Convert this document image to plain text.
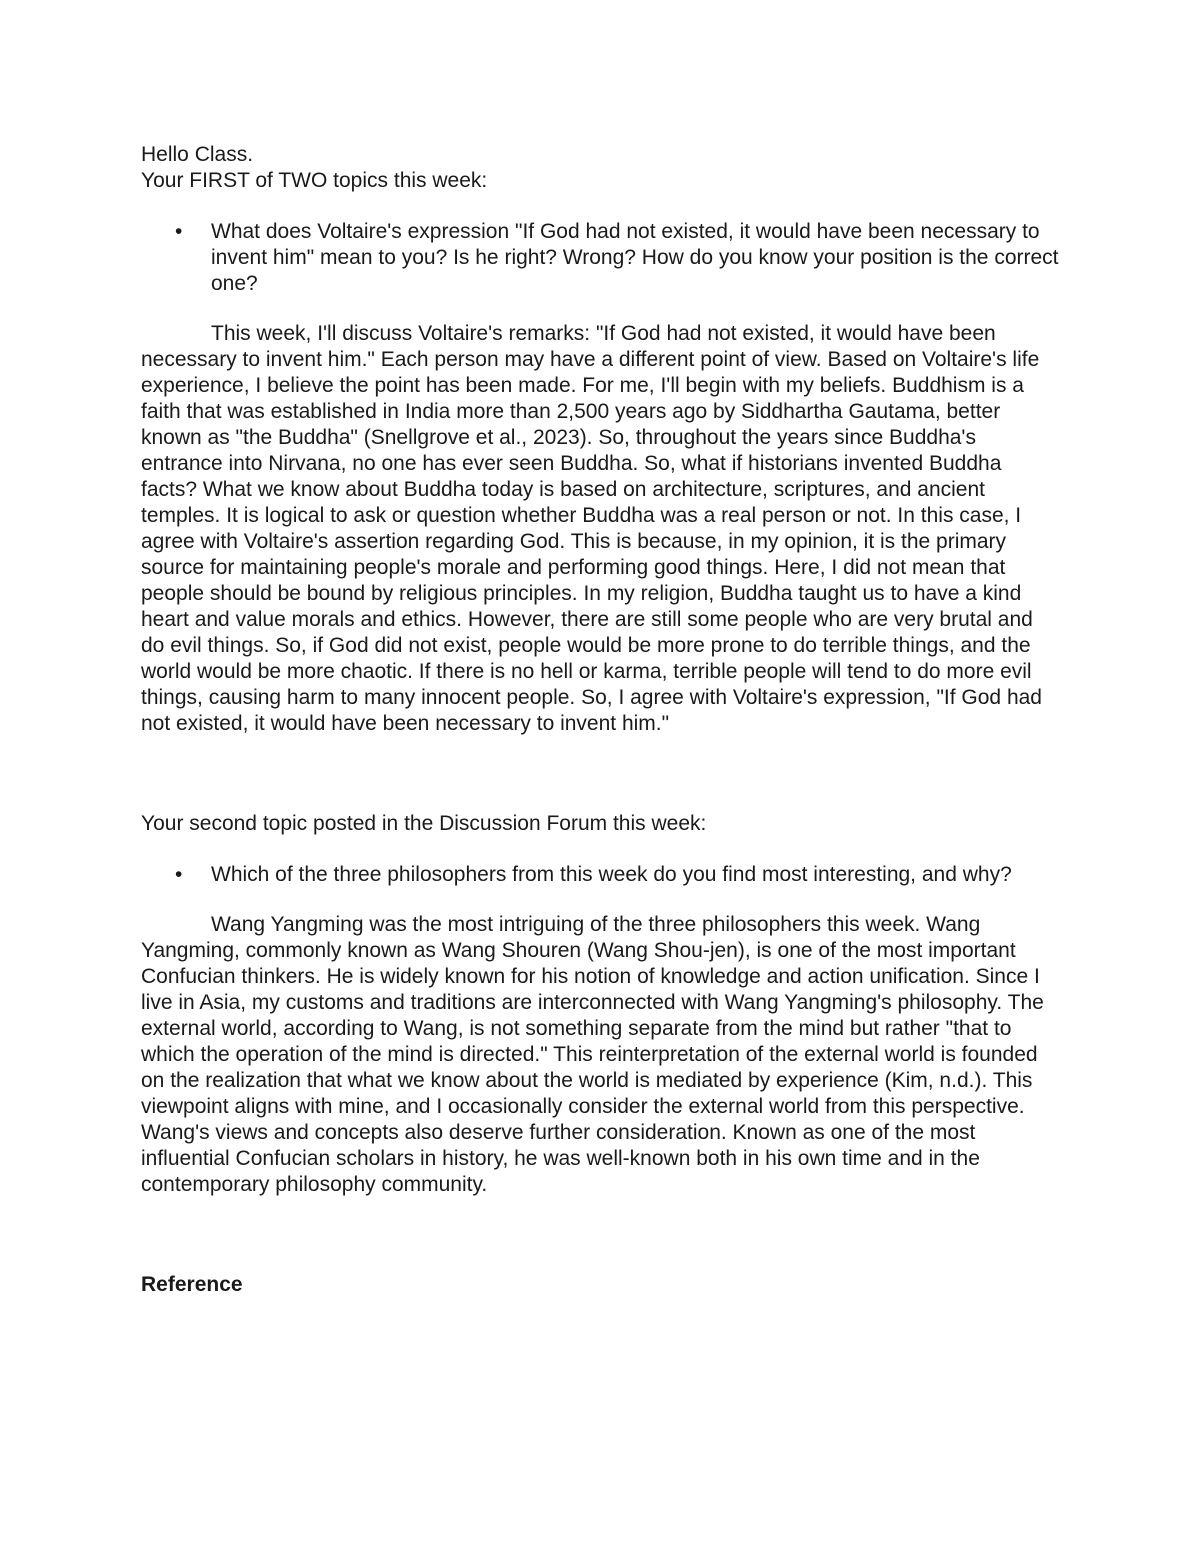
Hello Class.

Your FIRST of TWO topics this week:

• What does Voltaire's expression "If God had not existed, it would have been necessary to invent him" mean to you? Is he right? Wrong? How do you know your position is the correct one?

This week, I'll discuss Voltaire's remarks: "If God had not existed, it would have been necessary to invent him." Each person may have a different point of view. Based on Voltaire's life experience, I believe the point has been made. For me, I'll begin with my beliefs. Buddhism is a faith that was established in India more than 2,500 years ago by Siddhartha Gautama, better known as "the Buddha" (Snellgrove et al., 2023). So, throughout the years since Buddha's entrance into Nirvana, no one has ever seen Buddha. So, what if historians invented Buddha facts? What we know about Buddha today is based on architecture, scriptures, and ancient temples. It is logical to ask or question whether Buddha was a real person or not. In this case, I agree with Voltaire's assertion regarding God. This is because, in my opinion, it is the primary source for maintaining people's morale and performing good things. Here, I did not mean that people should be bound by religious principles. In my religion, Buddha taught us to have a kind heart and value morals and ethics. However, there are still some people who are very brutal and do evil things. So, if God did not exist, people would be more prone to do terrible things, and the world would be more chaotic. If there is no hell or karma, terrible people will tend to do more evil things, causing harm to many innocent people. So, I agree with Voltaire's expression, "If God had not existed, it would have been necessary to invent him."

Your second topic posted in the Discussion Forum this week:

• Which of the three philosophers from this week do you find most interesting, and why?

Wang Yangming was the most intriguing of the three philosophers this week. Wang Yangming, commonly known as Wang Shouren (Wang Shou-jen), is one of the most important Confucian thinkers. He is widely known for his notion of knowledge and action unification. Since I live in Asia, my customs and traditions are interconnected with Wang Yangming's philosophy. The external world, according to Wang, is not something separate from the mind but rather "that to which the operation of the mind is directed." This reinterpretation of the external world is founded on the realization that what we know about the world is mediated by experience (Kim, n.d.). This viewpoint aligns with mine, and I occasionally consider the external world from this perspective. Wang's views and concepts also deserve further consideration. Known as one of the most influential Confucian scholars in history, he was well-known both in his own time and in the contemporary philosophy community.

Reference
